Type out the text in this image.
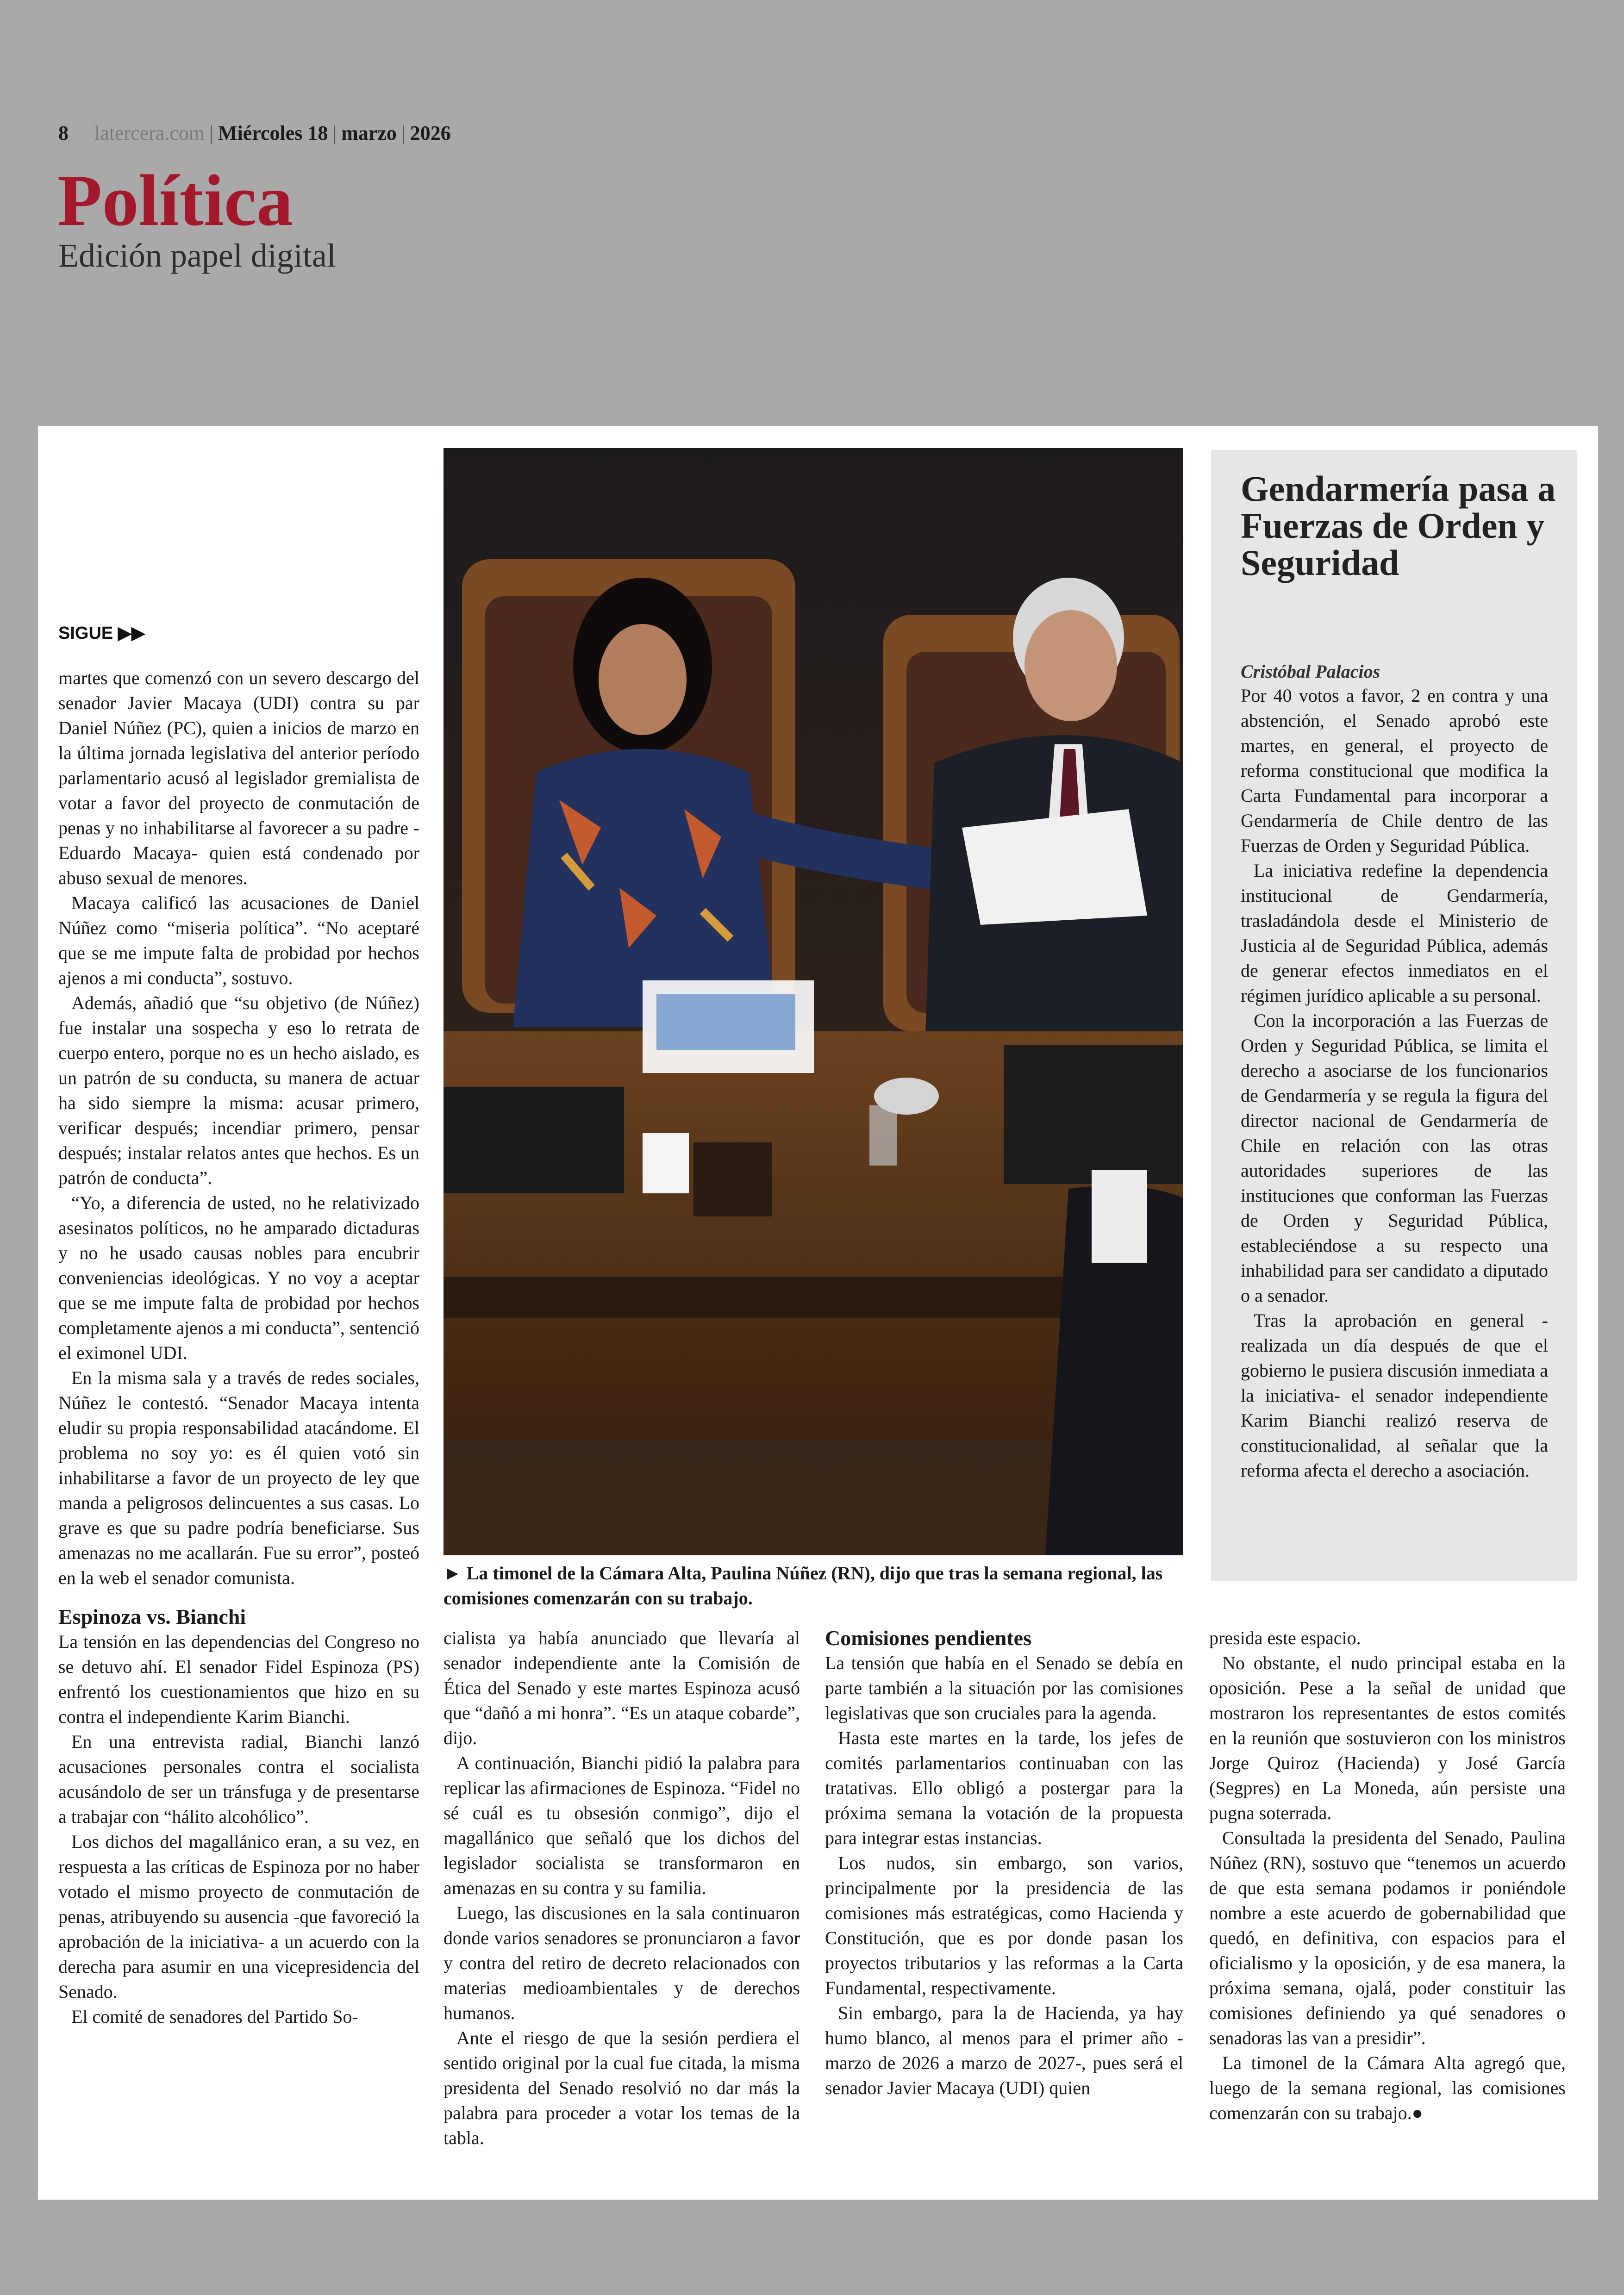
8 latercera.com | Miércoles 18 | marzo | 2026
Política
Edición papel digital
SIGUE ▶▶

martes que comenzó con un severo descargo del senador Javier Macaya (UDI) contra su par Daniel Núñez (PC), quien a inicios de marzo en la última jornada legislativa del anterior período parlamentario acusó al legislador gremialista de votar a favor del proyecto de conmutación de penas y no inhabilitarse al favorecer a su padre -Eduardo Macaya- quien está condenado por abuso sexual de menores.

Macaya calificó las acusaciones de Daniel Núñez como “miseria política”. “No aceptaré que se me impute falta de probidad por hechos ajenos a mi conducta”, sostuvo.

Además, añadió que “su objetivo (de Núñez) fue instalar una sospecha y eso lo retrata de cuerpo entero, porque no es un hecho aislado, es un patrón de su conducta, su manera de actuar ha sido siempre la misma: acusar primero, verificar después; incendiar primero, pensar después; instalar relatos antes que hechos. Es un patrón de conducta”.

“Yo, a diferencia de usted, no he relativizado asesinatos políticos, no he amparado dictaduras y no he usado causas nobles para encubrir conveniencias ideológicas. Y no voy a aceptar que se me impute falta de probidad por hechos completamente ajenos a mi conducta”, sentenció el eximonel UDI.

En la misma sala y a través de redes sociales, Núñez le contestó. “Senador Macaya intenta eludir su propia responsabilidad atacándome. El problema no soy yo: es él quien votó sin inhabilitarse a favor de un proyecto de ley que manda a peligrosos delincuentes a sus casas. Lo grave es que su padre podría beneficiarse. Sus amenazas no me acallarán. Fue su error”, posteó en la web el senador comunista.

Espinoza vs. Bianchi

La tensión en las dependencias del Congreso no se detuvo ahí. El senador Fidel Espinoza (PS) enfrentó los cuestionamientos que hizo en su contra el independiente Karim Bianchi.

En una entrevista radial, Bianchi lanzó acusaciones personales contra el socialista acusándolo de ser un tránsfuga y de presentarse a trabajar con “hálito alcohólico”.

Los dichos del magallánico eran, a su vez, en respuesta a las críticas de Espinoza por no haber votado el mismo proyecto de conmutación de penas, atribuyendo su ausencia -que favoreció la aprobación de la iniciativa- a un acuerdo con la derecha para asumir en una vicepresidencia del Senado.

El comité de senadores del Partido So-

► La timonel de la Cámara Alta, Paulina Núñez (RN), dijo que tras la semana regional, las comisiones comenzarán con su trabajo.

cialista ya había anunciado que llevaría al senador independiente ante la Comisión de Ética del Senado y este martes Espinoza acusó que “dañó a mi honra”. “Es un ataque cobarde”, dijo.

A continuación, Bianchi pidió la palabra para replicar las afirmaciones de Espinoza. “Fidel no sé cuál es tu obsesión conmigo”, dijo el magallánico que señaló que los dichos del legislador socialista se transformaron en amenazas en su contra y su familia.

Luego, las discusiones en la sala continuaron donde varios senadores se pronunciaron a favor y contra del retiro de decreto relacionados con materias medioambientales y de derechos humanos.

Ante el riesgo de que la sesión perdiera el sentido original por la cual fue citada, la misma presidenta del Senado resolvió no dar más la palabra para proceder a votar los temas de la tabla.

Comisiones pendientes

La tensión que había en el Senado se debía en parte también a la situación por las comisiones legislativas que son cruciales para la agenda.

Hasta este martes en la tarde, los jefes de comités parlamentarios continuaban con las tratativas. Ello obligó a postergar para la próxima semana la votación de la propuesta para integrar estas instancias.

Los nudos, sin embargo, son varios, principalmente por la presidencia de las comisiones más estratégicas, como Hacienda y Constitución, que es por donde pasan los proyectos tributarios y las reformas a la Carta Fundamental, respectivamente.

Sin embargo, para la de Hacienda, ya hay humo blanco, al menos para el primer año -marzo de 2026 a marzo de 2027-, pues será el senador Javier Macaya (UDI) quien

presida este espacio.

No obstante, el nudo principal estaba en la oposición. Pese a la señal de unidad que mostraron los representantes de estos comités en la reunión que sostuvieron con los ministros Jorge Quiroz (Hacienda) y José García (Segpres) en La Moneda, aún persiste una pugna soterrada.

Consultada la presidenta del Senado, Paulina Núñez (RN), sostuvo que “tenemos un acuerdo de que esta semana podamos ir poniéndole nombre a este acuerdo de gobernabilidad que quedó, en definitiva, con espacios para el oficialismo y la oposición, y de esa manera, la próxima semana, ojalá, poder constituir las comisiones definiendo ya qué senadores o senadoras las van a presidir”.

La timonel de la Cámara Alta agregó que, luego de la semana regional, las comisiones comenzarán con su trabajo.●

Gendarmería pasa a Fuerzas de Orden y Seguridad
Cristóbal Palacios

Por 40 votos a favor, 2 en contra y una abstención, el Senado aprobó este martes, en general, el proyecto de reforma constitucional que modifica la Carta Fundamental para incorporar a Gendarmería de Chile dentro de las Fuerzas de Orden y Seguridad Pública.

La iniciativa redefine la dependencia institucional de Gendarmería, trasladándola desde el Ministerio de Justicia al de Seguridad Pública, además de generar efectos inmediatos en el régimen jurídico aplicable a su personal.

Con la incorporación a las Fuerzas de Orden y Seguridad Pública, se limita el derecho a asociarse de los funcionarios de Gendarmería y se regula la figura del director nacional de Gendarmería de Chile en relación con las otras autoridades superiores de las instituciones que conforman las Fuerzas de Orden y Seguridad Pública, estableciéndose a su respecto una inhabilidad para ser candidato a diputado o a senador.

Tras la aprobación en general -realizada un día después de que el gobierno le pusiera discusión inmediata a la iniciativa- el senador independiente Karim Bianchi realizó reserva de constitucionalidad, al señalar que la reforma afecta el derecho a asociación.
